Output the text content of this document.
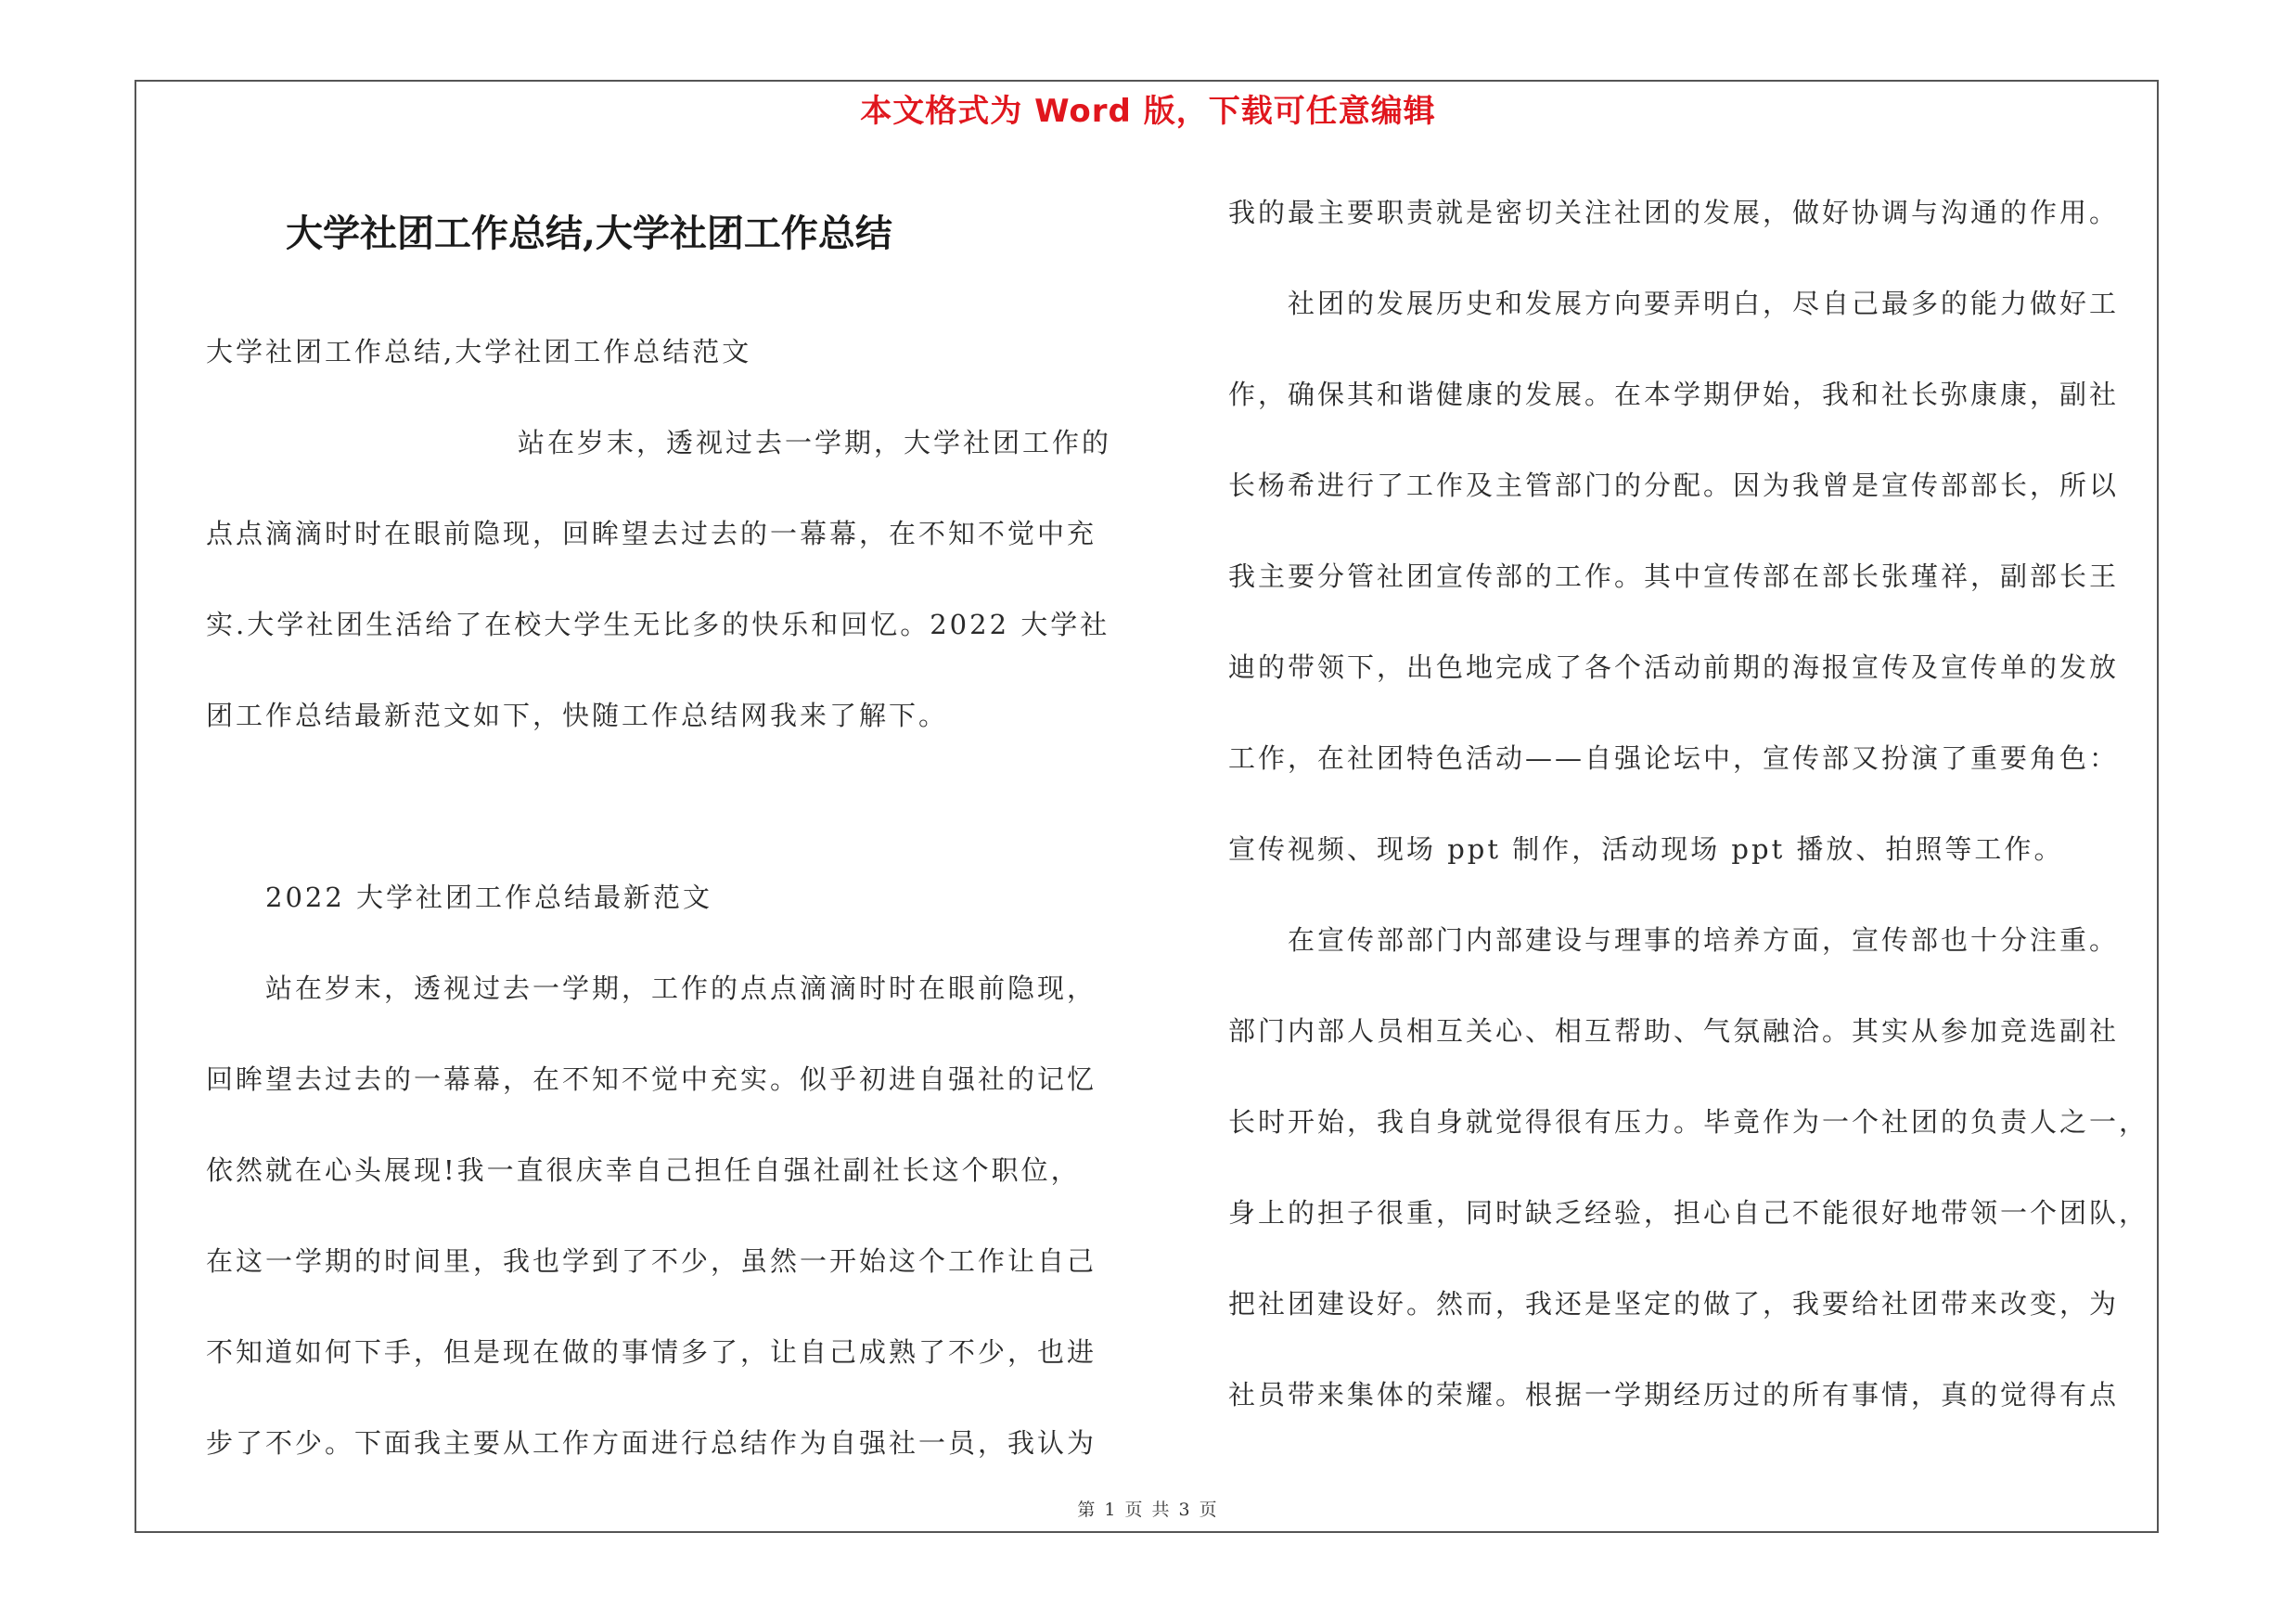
本文格式为 Word 版，下载可任意编辑
大学社团工作总结,大学社团工作总结

大学社团工作总结,大学社团工作总结范文

站在岁末，透视过去一学期，大学社团工作的

点点滴滴时时在眼前隐现，回眸望去过去的一幕幕，在不知不觉中充

实.大学社团生活给了在校大学生无比多的快乐和回忆。2022 大学社

团工作总结最新范文如下，快随工作总结网我来了解下。

2022 大学社团工作总结最新范文

站在岁末，透视过去一学期，工作的点点滴滴时时在眼前隐现，

回眸望去过去的一幕幕，在不知不觉中充实。似乎初进自强社的记忆

依然就在心头展现!我一直很庆幸自己担任自强社副社长这个职位，

在这一学期的时间里，我也学到了不少，虽然一开始这个工作让自己

不知道如何下手，但是现在做的事情多了，让自己成熟了不少，也进

步了不少。下面我主要从工作方面进行总结作为自强社一员，我认为

我的最主要职责就是密切关注社团的发展，做好协调与沟通的作用。

社团的发展历史和发展方向要弄明白，尽自己最多的能力做好工

作，确保其和谐健康的发展。在本学期伊始，我和社长弥康康，副社

长杨希进行了工作及主管部门的分配。因为我曾是宣传部部长，所以

我主要分管社团宣传部的工作。其中宣传部在部长张瑾祥，副部长王

迪的带领下，出色地完成了各个活动前期的海报宣传及宣传单的发放

工作，在社团特色活动——自强论坛中，宣传部又扮演了重要角色：

宣传视频、现场 ppt 制作，活动现场 ppt 播放、拍照等工作。

在宣传部部门内部建设与理事的培养方面，宣传部也十分注重。

部门内部人员相互关心、相互帮助、气氛融洽。其实从参加竞选副社

长时开始，我自身就觉得很有压力。毕竟作为一个社团的负责人之一，

身上的担子很重，同时缺乏经验，担心自己不能很好地带领一个团队，

把社团建设好。然而，我还是坚定的做了，我要给社团带来改变，为

社员带来集体的荣耀。根据一学期经历过的所有事情，真的觉得有点

第 1 页 共 3 页
